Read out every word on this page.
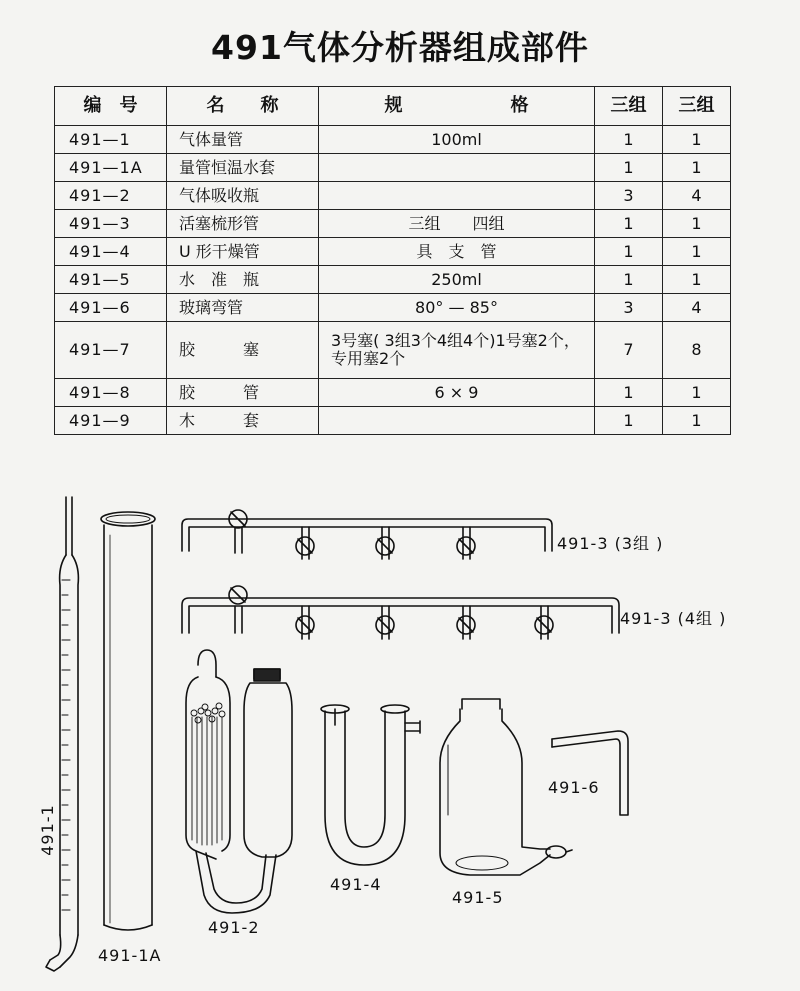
491气体分析器组成部件
编　号	名　　称	规　　　　　　格	三组	三组
491—1	气体量管	100ml	1	1
491—1A	量管恒温水套		1	1
491—2	气体吸收瓶		3	4
491—3	活塞梳形管	三组　　四组	1	1
491—4	U 形干燥管	具　支　管	1	1
491—5	水　准　瓶	250ml	1	1
491—6	玻璃弯管	80° — 85°	3	4
491—7	胶　　　塞	3号塞( 3组3个4组4个)1号塞2个，专用塞2个	7	8
491—8	胶　　　管	6 × 9	1	1
491—9	木　　　套		1	1
491-1
491-1A
491-3 (3组 )
491-3 (4组 )
491-2
491-4
491-5
491-6
